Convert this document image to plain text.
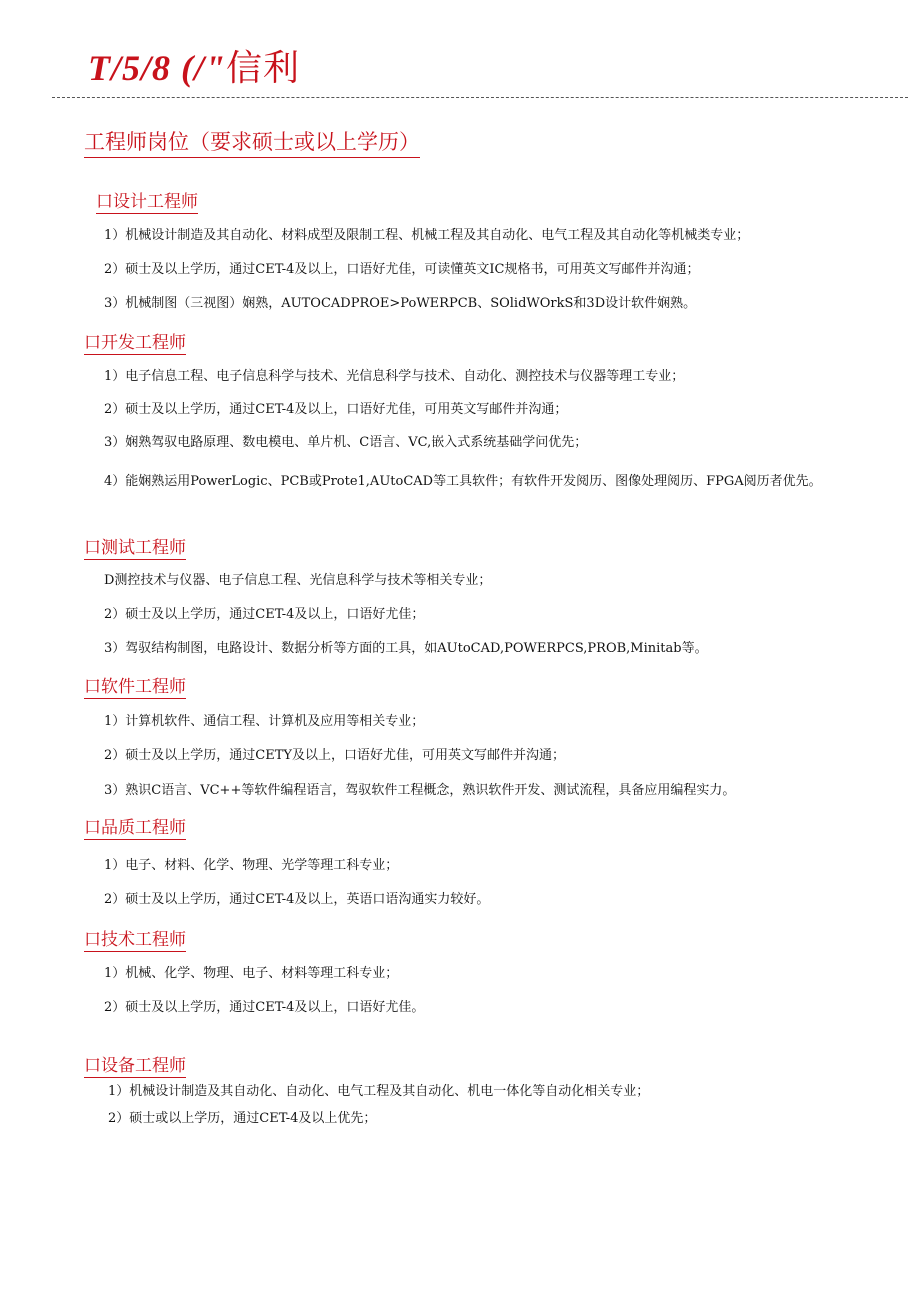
T/5/8 (/"信利
工程师岗位（要求硕士或以上学历）
口设计工程师
1）机械设计制造及其自动化、材料成型及限制工程、机械工程及其自动化、电气工程及其自动化等机械类专业；
2）硕士及以上学历，通过CET-4及以上，口语好尤佳，可读懂英文IC规格书，可用英文写邮件并沟通；
3）机械制图（三视图）娴熟，AUTOCADPROE>PoWERPCB、SOlidWOrkS和3D设计软件娴熟。
口开发工程师
1）电子信息工程、电子信息科学与技术、光信息科学与技术、自动化、测控技术与仪器等理工专业；
2）硕士及以上学历，通过CET-4及以上，口语好尤佳，可用英文写邮件并沟通；
3）娴熟驾驭电路原理、数电模电、单片机、C语言、VC,嵌入式系统基础学问优先；
4）能娴熟运用PowerLogic、PCB或Prote1,AUtoCAD等工具软件；有软件开发阅历、图像处理阅历、FPGA阅历者优先。
口测试工程师
D测控技术与仪器、电子信息工程、光信息科学与技术等相关专业；
2）硕士及以上学历，通过CET-4及以上，口语好尤佳；
3）驾驭结构制图，电路设计、数据分析等方面的工具，如AUtoCAD,POWERPCS,PROB,Minitab等。
口软件工程师
1）计算机软件、通信工程、计算机及应用等相关专业；
2）硕士及以上学历，通过CETY及以上，口语好尤佳，可用英文写邮件并沟通；
3）熟识C语言、VC++等软件编程语言，驾驭软件工程概念，熟识软件开发、测试流程，具备应用编程实力。
口品质工程师
1）电子、材料、化学、物理、光学等理工科专业；
2）硕士及以上学历，通过CET-4及以上，英语口语沟通实力较好。
口技术工程师
1）机械、化学、物理、电子、材料等理工科专业；
2）硕士及以上学历，通过CET-4及以上，口语好尤佳。
口设备工程师
1）机械设计制造及其自动化、自动化、电气工程及其自动化、机电一体化等自动化相关专业；
2）硕士或以上学历，通过CET-4及以上优先；
